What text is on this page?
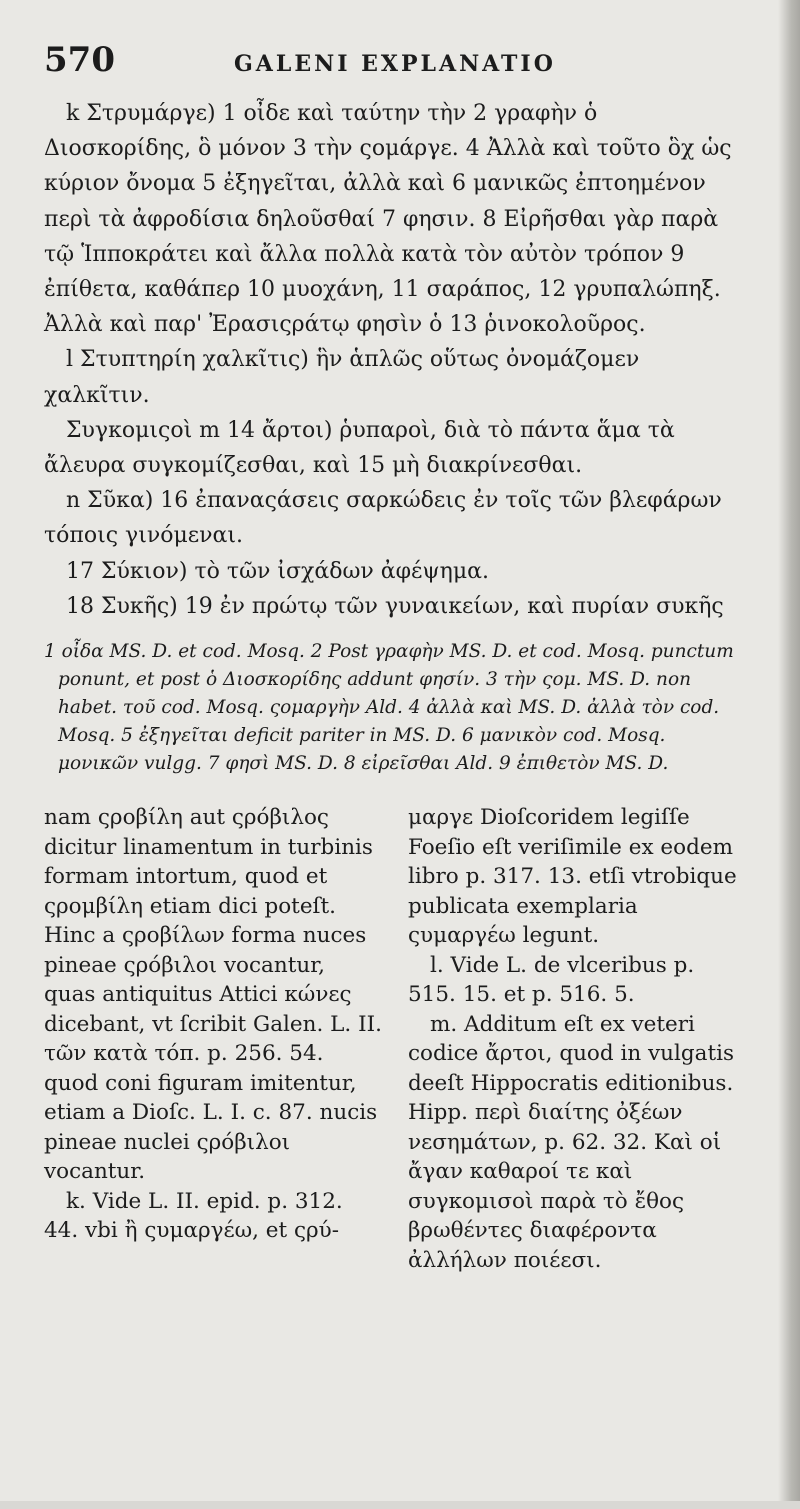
570	GALENI EXPLANATIO

k Στρυμάργε) 1 οἶδε καὶ ταύτην τὴν 2 γραφὴν ὁ Διοσκορίδης, ὃ μόνον 3 τὴν ςομάργε. 4 Ἀλλὰ καὶ τοῦτο ὃχ ὡς κύριον ὄνομα 5 ἐξηγεῖται, ἀλλὰ καὶ 6 μανικῶς ἐπτοημένον περὶ τὰ ἀφροδίσια δηλοῦσθαί 7 φησιν. 8 Εἰρῆσθαι γὰρ παρὰ τῷ Ἱπποκράτει καὶ ἄλλα πολλὰ κατὰ τὸν αὐτὸν τρόπον 9 ἐπίθετα, καθάπερ 10 μυοχάνη, 11 σαράπος, 12 γρυπαλώπηξ. Ἀλλὰ καὶ παρ' Ἐρασιςράτῳ φησὶν ὁ 13 ῥινοκολοῦρος.

l Στυπτηρίη χαλκῖτις) ἣν ἁπλῶς οὕτως ὀνομάζομεν χαλκῖτιν.

Συγκομιςοὶ m 14 ἄρτοι) ῥυπαροὶ, διὰ τὸ πάντα ἅμα τὰ ἄλευρα συγκομίζεσθαι, καὶ 15 μὴ διακρίνεσθαι.

n Σῦκα) 16 ἐπαναςάσεις σαρκώδεις ἐν τοῖς τῶν βλεφάρων τόποις γινόμεναι.

17 Σύκιον) τὸ τῶν ἰσχάδων ἀφέψημα.

18 Συκῆς) 19 ἐν πρώτῳ τῶν γυναικείων, καὶ πυρίαν συκῆς

1 οἶδα MS. D. et cod. Mosq. 2 Post γραφὴν MS. D. et cod. Mosq. punctum ponunt, et post ὁ Διοσκορίδης addunt φησίν. 3 τὴν ςομ. MS. D. non habet. τοῦ cod. Mosq. ςομαργὴν Ald. 4 ἀλλὰ καὶ MS. D. ἀλλὰ τὸν cod. Mosq. 5 ἐξηγεῖται deficit pariter in MS. D. 6 μανικὸν cod. Mosq. μονικῶν vulgg. 7 φησὶ MS. D. 8 εἰρεῖσθαι Ald. 9 ἐπιθετὸν MS. D.

nam ςροβίλη aut ςρόβιλος dicitur linamentum in turbinis formam intortum, quod et ςρομβίλη etiam dici poteſt. Hinc a ςροβίλων forma nuces pineae ςρόβιλοι vocantur, quas antiquitus Attici κώνες dicebant, vt ſcribit Galen. L. II. τῶν κατὰ τόπ. p. 256. 54. quod coni figuram imitentur, etiam a Dioſc. L. I. c. 87. nucis pineae nuclei ςρόβιλοι vocantur.

k. Vide L. II. epid. p. 312. 44. vbi ἢ ςυμαργέω, et ςρύ-

μαργε Dioſcoridem legiſſe Foeſio eſt veriſimile ex eodem libro p. 317. 13. etſi vtrobique publicata exemplaria ςυμαργέω legunt.

l. Vide L. de vlceribus p. 515. 15. et p. 516. 5.

m. Additum eſt ex veteri codice ἄρτοι, quod in vulgatis deeſt Hippocratis editionibus. Hipp. περὶ διαίτης ὀξέων νεσημάτων, p. 62. 32. Καὶ οἱ ἄγαν καθαροί τε καὶ συγκομισοὶ παρὰ τὸ ἔθος βρωθέντες διαφέροντα ἀλλήλων ποιέεσι.
